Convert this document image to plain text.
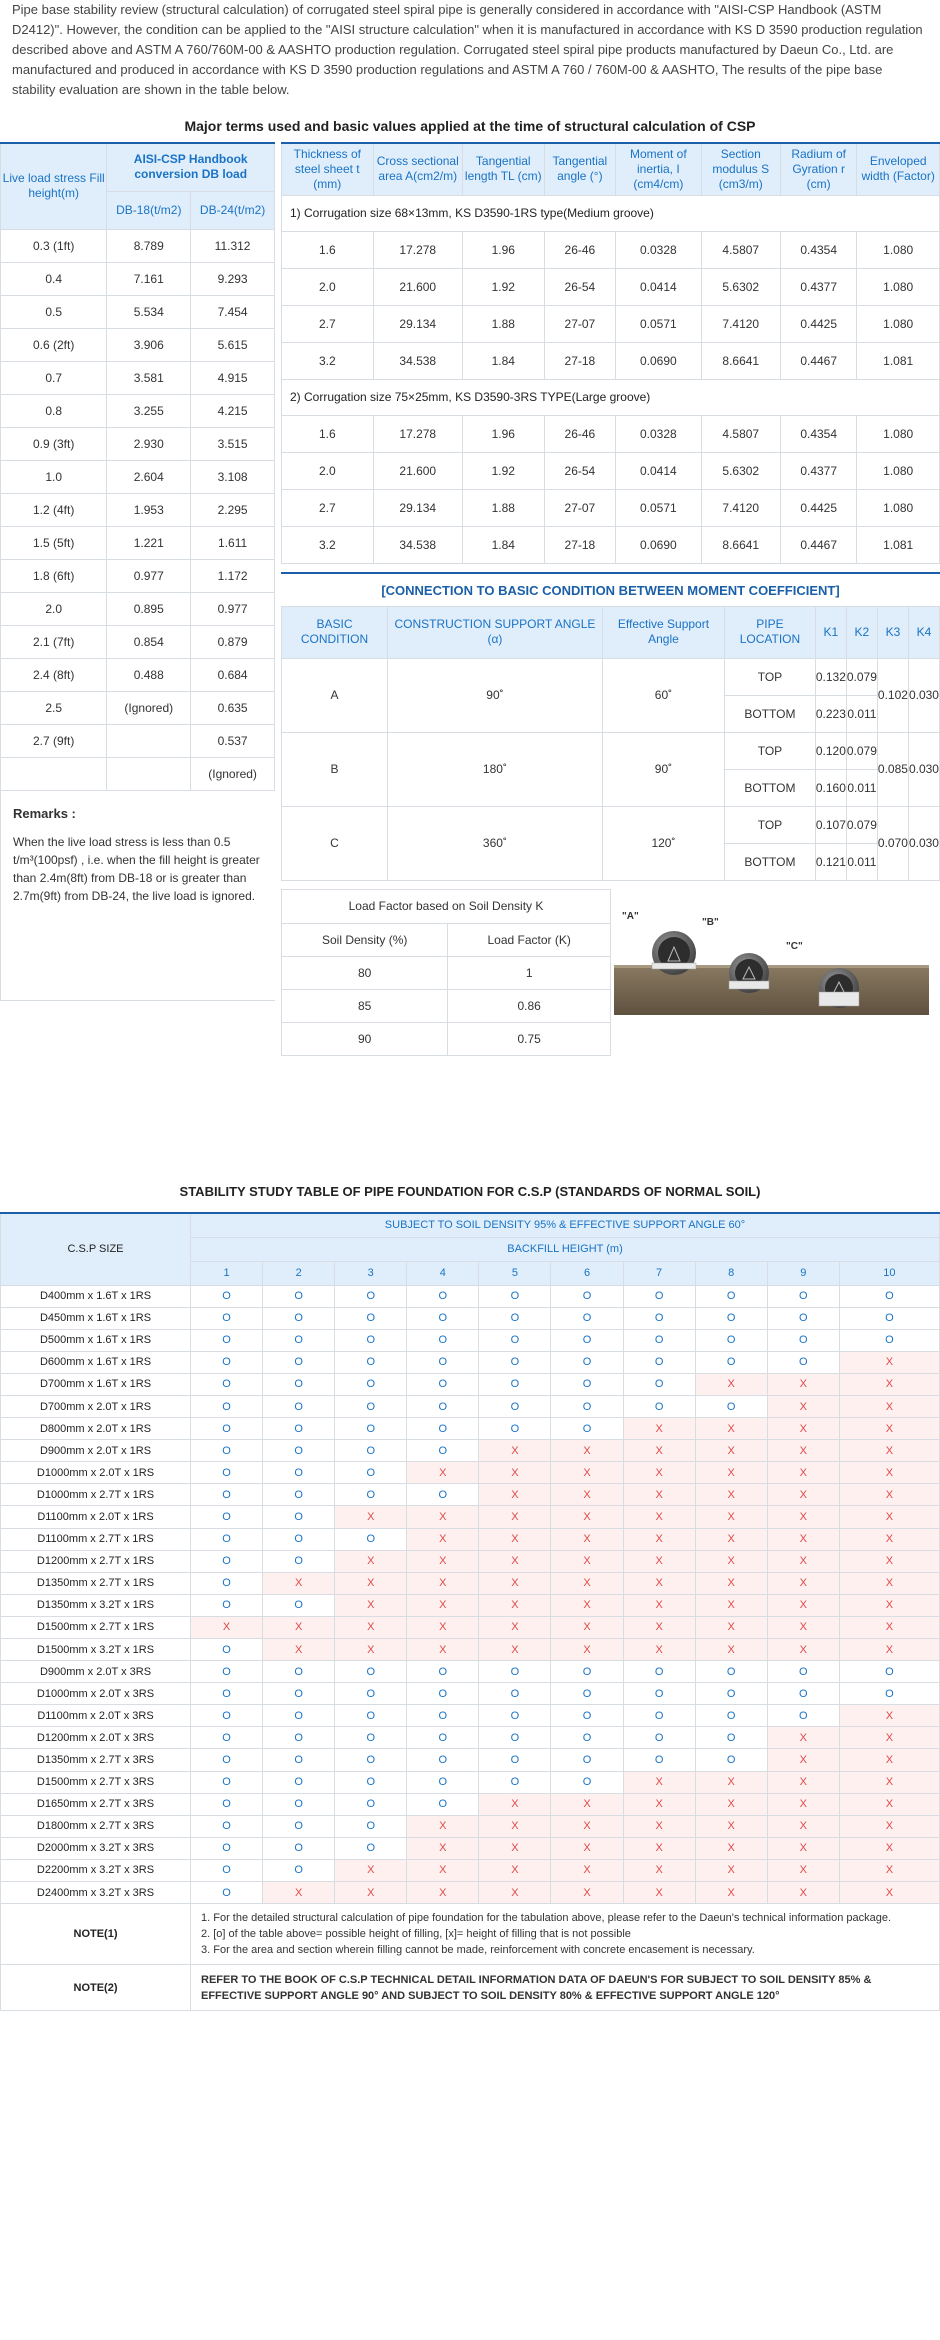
Pipe base stability review (structural calculation) of corrugated steel spiral pipe is generally considered in accordance with "AISI-CSP Handbook (ASTM D2412)". However, the condition can be applied to the "AISI structure calculation" when it is manufactured in accordance with KS D 3590 production regulation described above and ASTM A 760/760M-00 & AASHTO production regulation. Corrugated steel spiral pipe products manufactured by Daeun Co., Ltd. are manufactured and produced in accordance with KS D 3590 production regulations and ASTM A 760 / 760M-00 & AASHTO, The results of the pipe base stability evaluation are shown in the table below.

Major terms used and basic values applied at the time of structural calculation of CSP
Live load stress Fill height(m)	AISI-CSP Handbook conversion DB load	
	DB-18(t/m2)	DB-24(t/m2)
0.3 (1ft)	8.789	11.312
0.4	7.161	9.293
0.5	5.534	7.454
0.6 (2ft)	3.906	5.615
0.7	3.581	4.915
0.8	3.255	4.215
0.9 (3ft)	2.930	3.515
1.0	2.604	3.108
1.2 (4ft)	1.953	2.295
1.5 (5ft)	1.221	1.611
1.8 (6ft)	0.977	1.172
2.0	0.895	0.977
2.1 (7ft)	0.854	0.879
2.4 (8ft)	0.488	0.684
2.5	(Ignored)	0.635
2.7 (9ft)		0.537
		(Ignored)
Remarks :
When the live load stress is less than 0.5 t/m³(100psf) , i.e. when the fill height is greater than 2.4m(8ft) from DB-18 or is greater than 2.7m(9ft) from DB-24, the live load is ignored.
Thickness of steel sheet t (mm)	Cross sectional area A(cm2/m)	Tangential length TL (cm)	Tangential angle (°)	Moment of inertia, I (cm4/cm)	Section modulus S (cm3/m)	Radium of Gyration r (cm)	Enveloped width (Factor)
1) Corrugation size 68×13mm, KS D3590-1RS type(Medium groove)							
1.6	17.278	1.96	26-46	0.0328	4.5807	0.4354	1.080
2.0	21.600	1.92	26-54	0.0414	5.6302	0.4377	1.080
2.7	29.134	1.88	27-07	0.0571	7.4120	0.4425	1.080
3.2	34.538	1.84	27-18	0.0690	8.6641	0.4467	1.081
2) Corrugation size 75×25mm, KS D3590-3RS TYPE(Large groove)							
1.6	17.278	1.96	26-46	0.0328	4.5807	0.4354	1.080
2.0	21.600	1.92	26-54	0.0414	5.6302	0.4377	1.080
2.7	29.134	1.88	27-07	0.0571	7.4120	0.4425	1.080
3.2	34.538	1.84	27-18	0.0690	8.6641	0.4467	1.081
[CONNECTION TO BASIC CONDITION BETWEEN MOMENT COEFFICIENT]
BASIC CONDITION	CONSTRUCTION SUPPORT ANGLE (α)	Effective Support Angle	PIPE LOCATION	K1	K2	K3	K4
A	90˚	60˚	TOP	0.132	0.079	0.102	0.030
			BOTTOM	0.223	0.011		
B	180˚	90˚	TOP	0.120	0.079	0.085	0.030
			BOTTOM	0.160	0.011		
C	360˚	120˚	TOP	0.107	0.079	0.070	0.030
			BOTTOM	0.121	0.011		
Load Factor based on Soil Density K	
Soil Density (%)	Load Factor (K)
80	1
85	0.86
90	0.75
"A"
"B"
"C"
STABILITY STUDY TABLE OF PIPE FOUNDATION FOR C.S.P (STANDARDS OF NORMAL SOIL)
C.S.P SIZE	SUBJECT TO SOIL DENSITY 95% & EFFECTIVE SUPPORT ANGLE 60°									
	BACKFILL HEIGHT (m)									
	1	2	3	4	5	6	7	8	9	10
D400mm x 1.6T x 1RS	O	O	O	O	O	O	O	O	O	O
D450mm x 1.6T x 1RS	O	O	O	O	O	O	O	O	O	O
D500mm x 1.6T x 1RS	O	O	O	O	O	O	O	O	O	O
D600mm x 1.6T x 1RS	O	O	O	O	O	O	O	O	O	X
D700mm x 1.6T x 1RS	O	O	O	O	O	O	O	X	X	X
D700mm x 2.0T x 1RS	O	O	O	O	O	O	O	O	X	X
D800mm x 2.0T x 1RS	O	O	O	O	O	O	X	X	X	X
D900mm x 2.0T x 1RS	O	O	O	O	X	X	X	X	X	X
D1000mm x 2.0T x 1RS	O	O	O	X	X	X	X	X	X	X
D1000mm x 2.7T x 1RS	O	O	O	O	X	X	X	X	X	X
D1100mm x 2.0T x 1RS	O	O	X	X	X	X	X	X	X	X
D1100mm x 2.7T x 1RS	O	O	O	X	X	X	X	X	X	X
D1200mm x 2.7T x 1RS	O	O	X	X	X	X	X	X	X	X
D1350mm x 2.7T x 1RS	O	X	X	X	X	X	X	X	X	X
D1350mm x 3.2T x 1RS	O	O	X	X	X	X	X	X	X	X
D1500mm x 2.7T x 1RS	X	X	X	X	X	X	X	X	X	X
D1500mm x 3.2T x 1RS	O	X	X	X	X	X	X	X	X	X
D900mm x 2.0T x 3RS	O	O	O	O	O	O	O	O	O	O
D1000mm x 2.0T x 3RS	O	O	O	O	O	O	O	O	O	O
D1100mm x 2.0T x 3RS	O	O	O	O	O	O	O	O	O	X
D1200mm x 2.0T x 3RS	O	O	O	O	O	O	O	O	X	X
D1350mm x 2.7T x 3RS	O	O	O	O	O	O	O	O	X	X
D1500mm x 2.7T x 3RS	O	O	O	O	O	O	X	X	X	X
D1650mm x 2.7T x 3RS	O	O	O	O	X	X	X	X	X	X
D1800mm x 2.7T x 3RS	O	O	O	X	X	X	X	X	X	X
D2000mm x 3.2T x 3RS	O	O	O	X	X	X	X	X	X	X
D2200mm x 3.2T x 3RS	O	O	X	X	X	X	X	X	X	X
D2400mm x 3.2T x 3RS	O	X	X	X	X	X	X	X	X	X
NOTE(1)	1. For the detailed structural calculation of pipe foundation for the tabulation above, please refer to the Daeun's technical information package.
2. [o] of the table above= possible height of filling, [x]= height of filling that is not possible
3. For the area and section wherein filling cannot be made, reinforcement with concrete encasement is necessary.									

NOTE(2)	REFER TO THE BOOK OF C.S.P TECHNICAL DETAIL INFORMATION DATA OF DAEUN'S FOR SUBJECT TO SOIL DENSITY 85% & EFFECTIVE SUPPORT ANGLE 90° AND SUBJECT TO SOIL DENSITY 80% & EFFECTIVE SUPPORT ANGLE 120°									
